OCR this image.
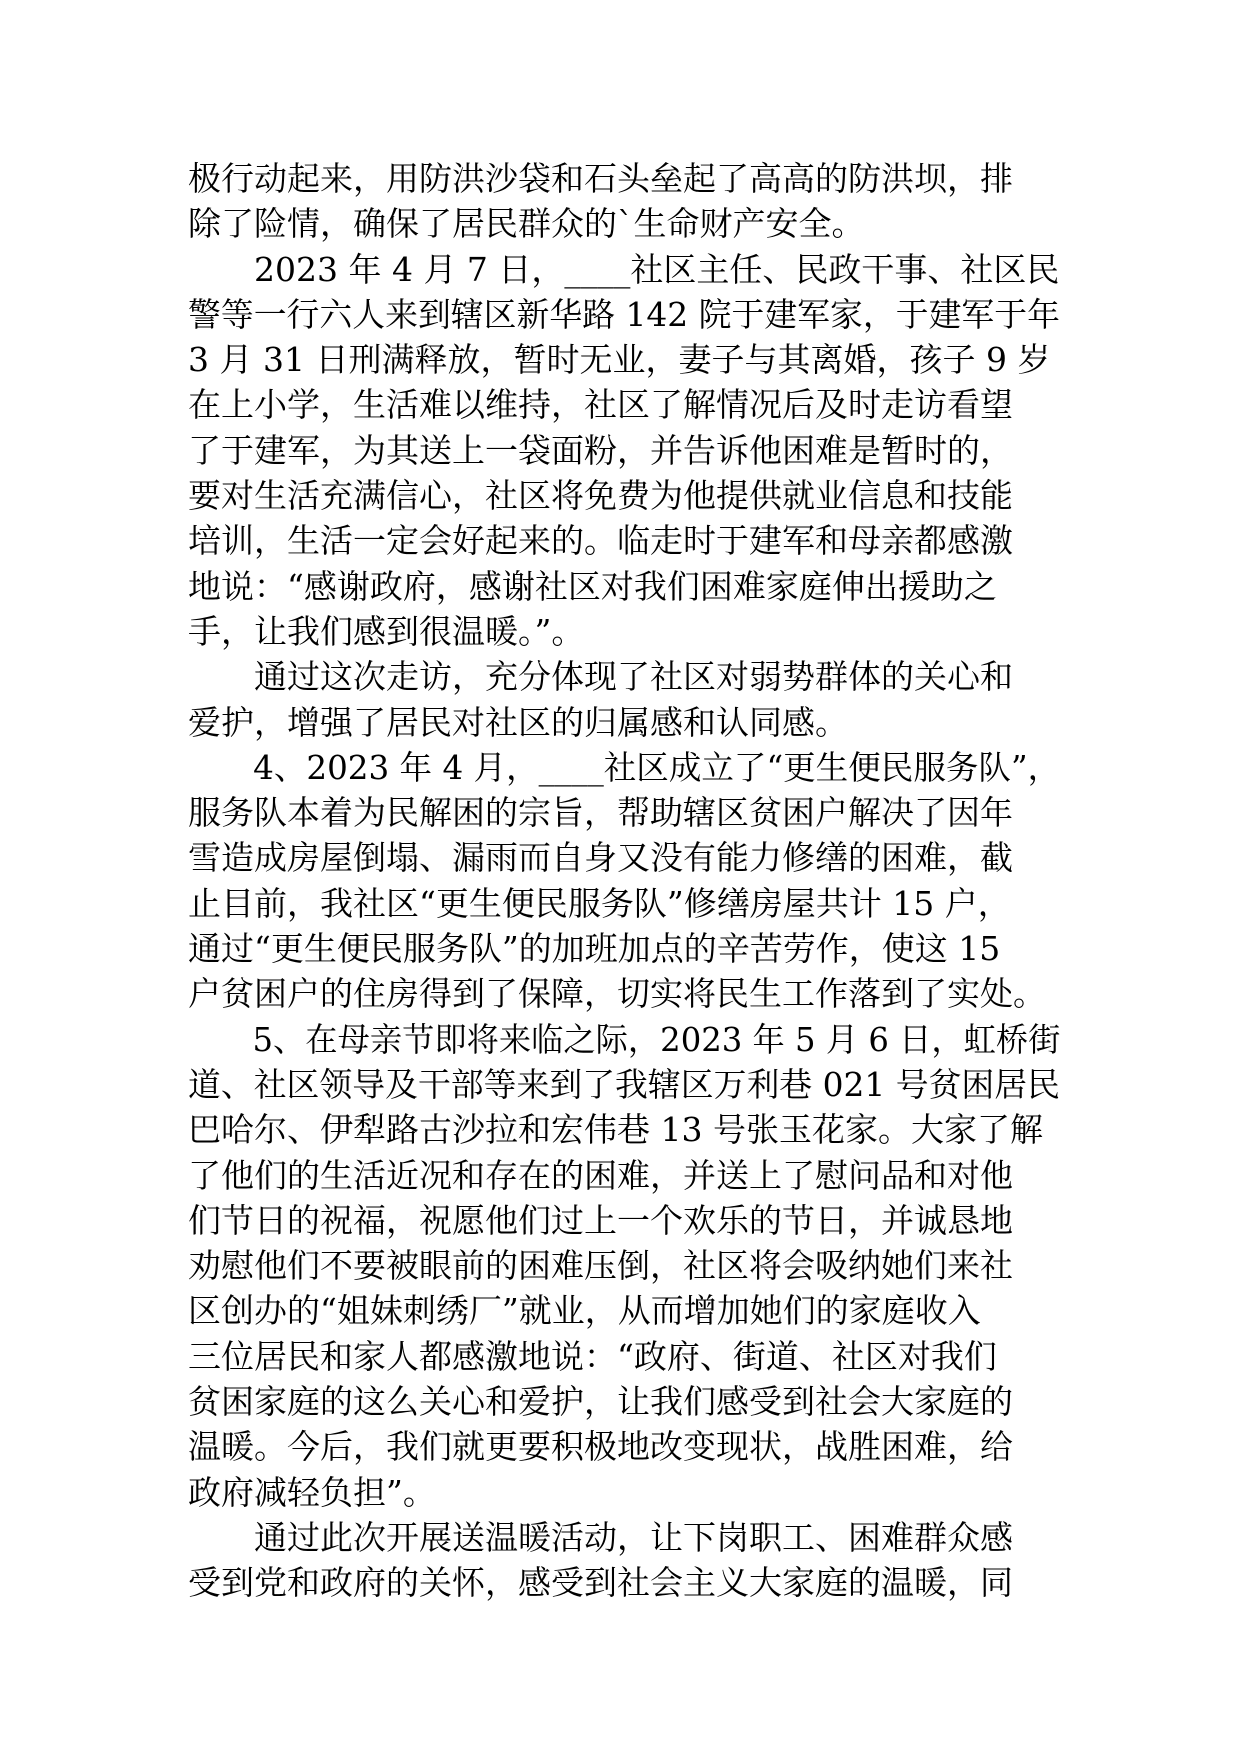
极行动起来，用防洪沙袋和石头垒起了高高的防洪坝，排
除了险情，确保了居民群众的`生命财产安全。
　　2023 年 4 月 7 日，____社区主任、民政干事、社区民
警等一行六人来到辖区新华路 142 院于建军家，于建军于年
3 月 31 日刑满释放，暂时无业，妻子与其离婚，孩子 9 岁
在上小学，生活难以维持，社区了解情况后及时走访看望
了于建军，为其送上一袋面粉，并告诉他困难是暂时的，
要对生活充满信心，社区将免费为他提供就业信息和技能
培训，生活一定会好起来的。临走时于建军和母亲都感激
地说：“感谢政府，感谢社区对我们困难家庭伸出援助之
手，让我们感到很温暖。”。
　　通过这次走访，充分体现了社区对弱势群体的关心和
爱护，增强了居民对社区的归属感和认同感。
　　4、2023 年 4 月，____社区成立了“更生便民服务队”，
服务队本着为民解困的宗旨，帮助辖区贫困户解决了因年
雪造成房屋倒塌、漏雨而自身又没有能力修缮的困难，截
止目前，我社区“更生便民服务队”修缮房屋共计 15 户，
通过“更生便民服务队”的加班加点的辛苦劳作，使这 15
户贫困户的住房得到了保障，切实将民生工作落到了实处。
　　5、在母亲节即将来临之际，2023 年 5 月 6 日，虹桥街
道、社区领导及干部等来到了我辖区万利巷 021 号贫困居民
巴哈尔、伊犁路古沙拉和宏伟巷 13 号张玉花家。大家了解
了他们的生活近况和存在的困难，并送上了慰问品和对他
们节日的祝福，祝愿他们过上一个欢乐的节日，并诚恳地
劝慰他们不要被眼前的困难压倒，社区将会吸纳她们来社
区创办的“姐妹刺绣厂”就业，从而增加她们的家庭收入
三位居民和家人都感激地说：“政府、街道、社区对我们
贫困家庭的这么关心和爱护，让我们感受到社会大家庭的
温暖。今后，我们就更要积极地改变现状，战胜困难，给
政府减轻负担”。
　　通过此次开展送温暖活动，让下岗职工、困难群众感
受到党和政府的关怀，感受到社会主义大家庭的温暖，同
